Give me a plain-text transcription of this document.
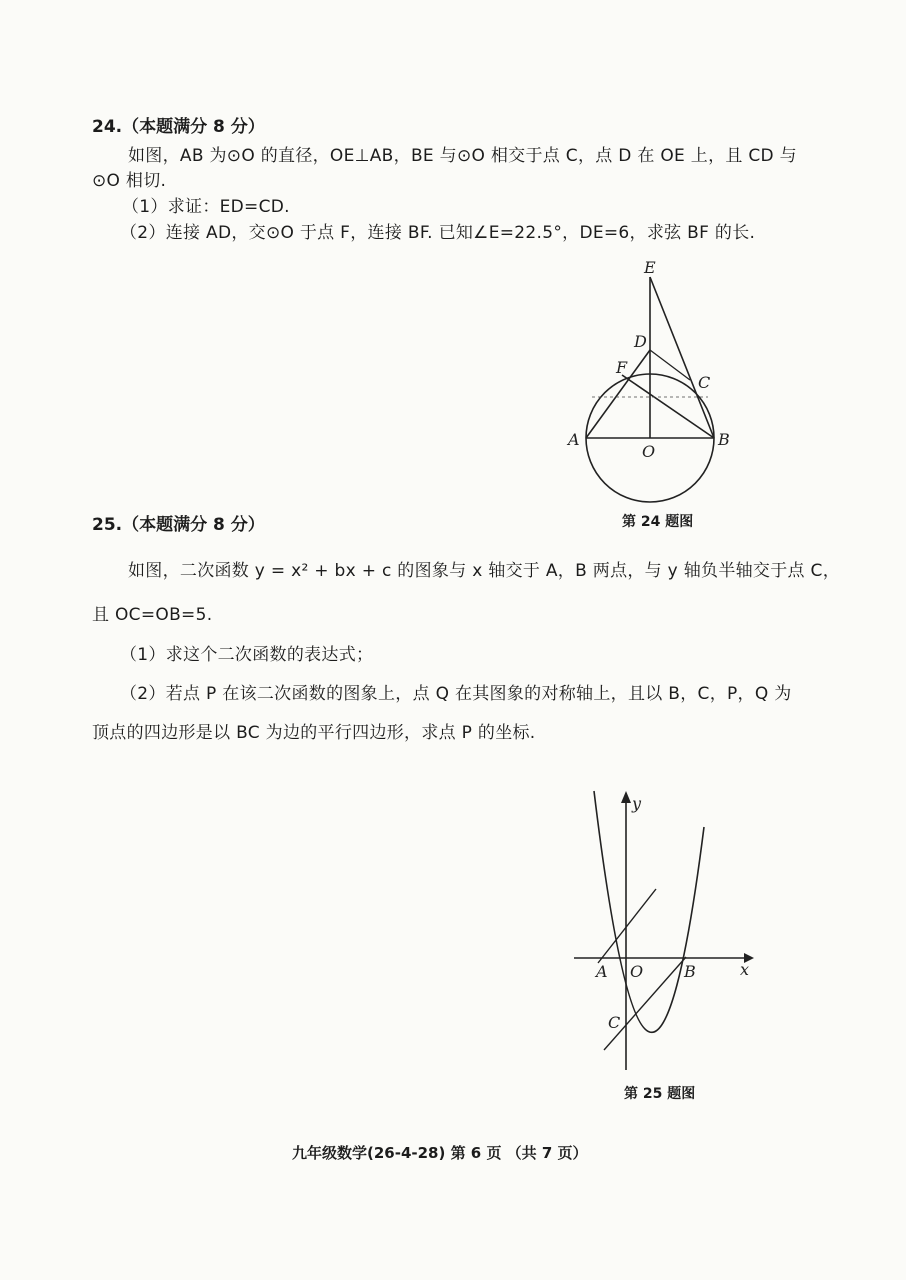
24.（本题满分 8 分）
如图，AB 为⊙O 的直径，OE⊥AB，BE 与⊙O 相交于点 C，点 D 在 OE 上，且 CD 与
⊙O 相切.
（1）求证：ED=CD.
（2）连接 AD，交⊙O 于点 F，连接 BF. 已知∠E=22.5°，DE=6，求弦 BF 的长.
E
D
F
C
A
O
B
第 24 题图
25.（本题满分 8 分）
如图，二次函数 y = x² + bx + c 的图象与 x 轴交于 A，B 两点，与 y 轴负半轴交于点 C，
且 OC=OB=5.
（1）求这个二次函数的表达式；
（2）若点 P 在该二次函数的图象上，点 Q 在其图象的对称轴上，且以 B，C，P，Q 为
顶点的四边形是以 BC 为边的平行四边形，求点 P 的坐标.
y
x
A O	B
C
第 25 题图
九年级数学(26-4-28) 第 6 页 （共 7 页）
